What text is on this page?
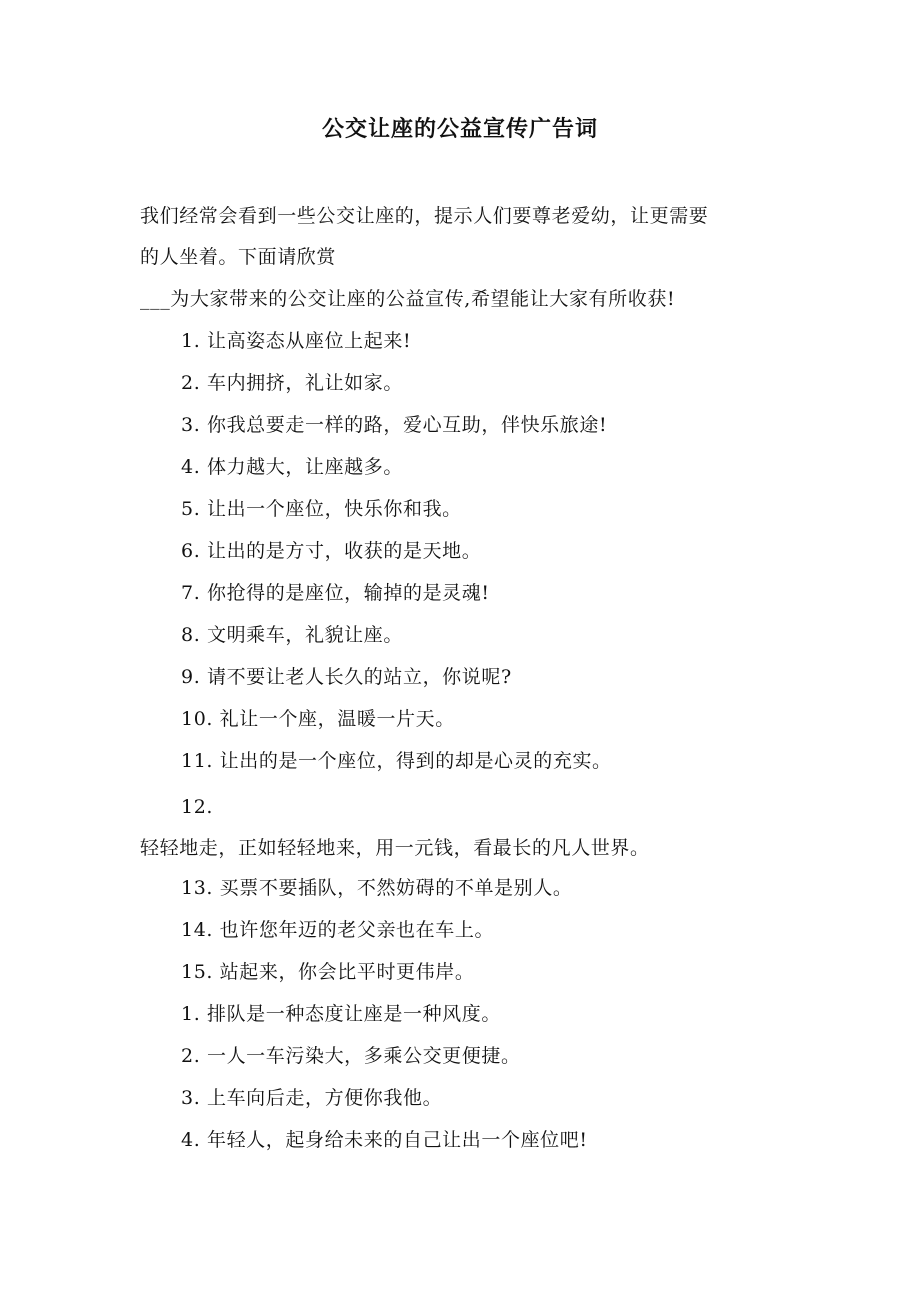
公交让座的公益宣传广告词
我们经常会看到一些公交让座的，提示人们要尊老爱幼，让更需要
的人坐着。下面请欣赏
___为大家带来的公交让座的公益宣传,希望能让大家有所收获!
1. 让高姿态从座位上起来!
2. 车内拥挤，礼让如家。
3. 你我总要走一样的路，爱心互助，伴快乐旅途!
4. 体力越大，让座越多。
5. 让出一个座位，快乐你和我。
6. 让出的是方寸，收获的是天地。
7. 你抢得的是座位，输掉的是灵魂!
8. 文明乘车，礼貌让座。
9. 请不要让老人长久的站立，你说呢?
10. 礼让一个座，温暖一片天。
11. 让出的是一个座位，得到的却是心灵的充实。
12.
轻轻地走，正如轻轻地来，用一元钱，看最长的凡人世界。
13. 买票不要插队，不然妨碍的不单是别人。
14. 也许您年迈的老父亲也在车上。
15. 站起来，你会比平时更伟岸。
1. 排队是一种态度让座是一种风度。
2. 一人一车污染大，多乘公交更便捷。
3. 上车向后走，方便你我他。
4. 年轻人，起身给未来的自己让出一个座位吧!
